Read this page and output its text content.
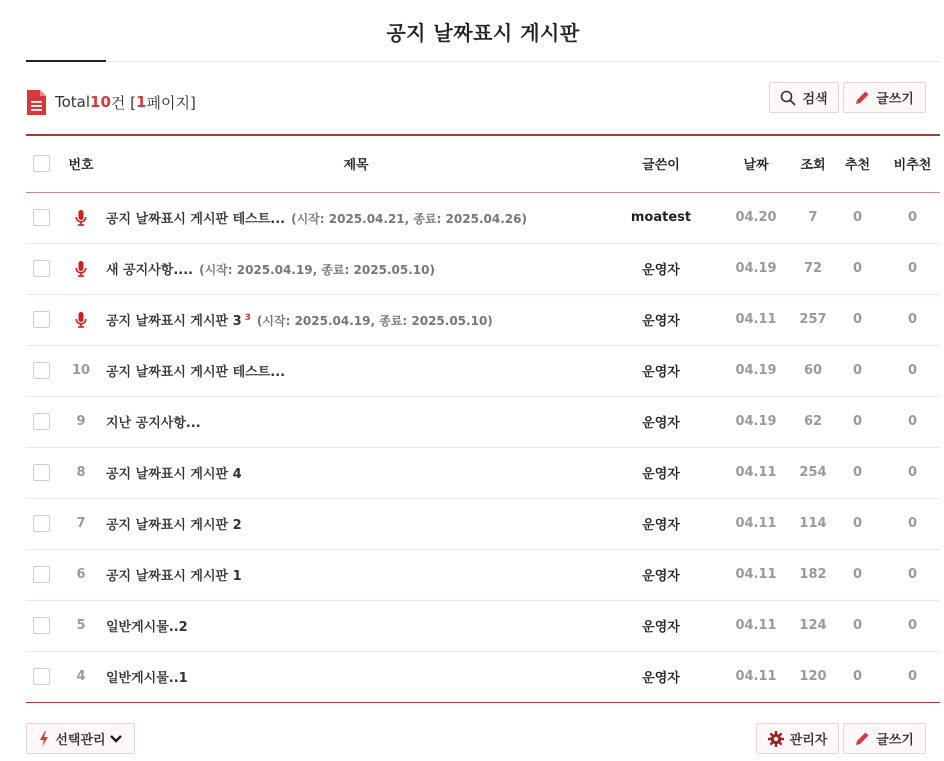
공지 날짜표시 게시판
Total 10 건 [ 1 페이지]	검색	글쓰기
	번호	제목	글쓴이	날짜	조회	추천	비추천
		공지 날짜표시 게시판 테스트... (시작: 2025.04.21, 종료: 2025.04.26)	moatest	04.20	7	0	0
		새 공지사항.... (시작: 2025.04.19, 종료: 2025.05.10)	운영자	04.19	72	0	0
		공지 날짜표시 게시판 3 $^3$ (시작: 2025.04.19, 종료: 2025.05.10)	운영자	04.11	257	0	0
	10	공지 날짜표시 게시판 테스트...	운영자	04.19	60	0	0
	9	지난 공지사항...	운영자	04.19	62	0	0
	8	공지 날짜표시 게시판 4	운영자	04.11	254	0	0
	7	공지 날짜표시 게시판 2	운영자	04.11	114	0	0
	6	공지 날짜표시 게시판 1	운영자	04.11	182	0	0
	5	일반게시물..2	운영자	04.11	124	0	0
	4	일반게시물..1	운영자	04.11	120	0	0
선택관리	관리자	글쓰기
